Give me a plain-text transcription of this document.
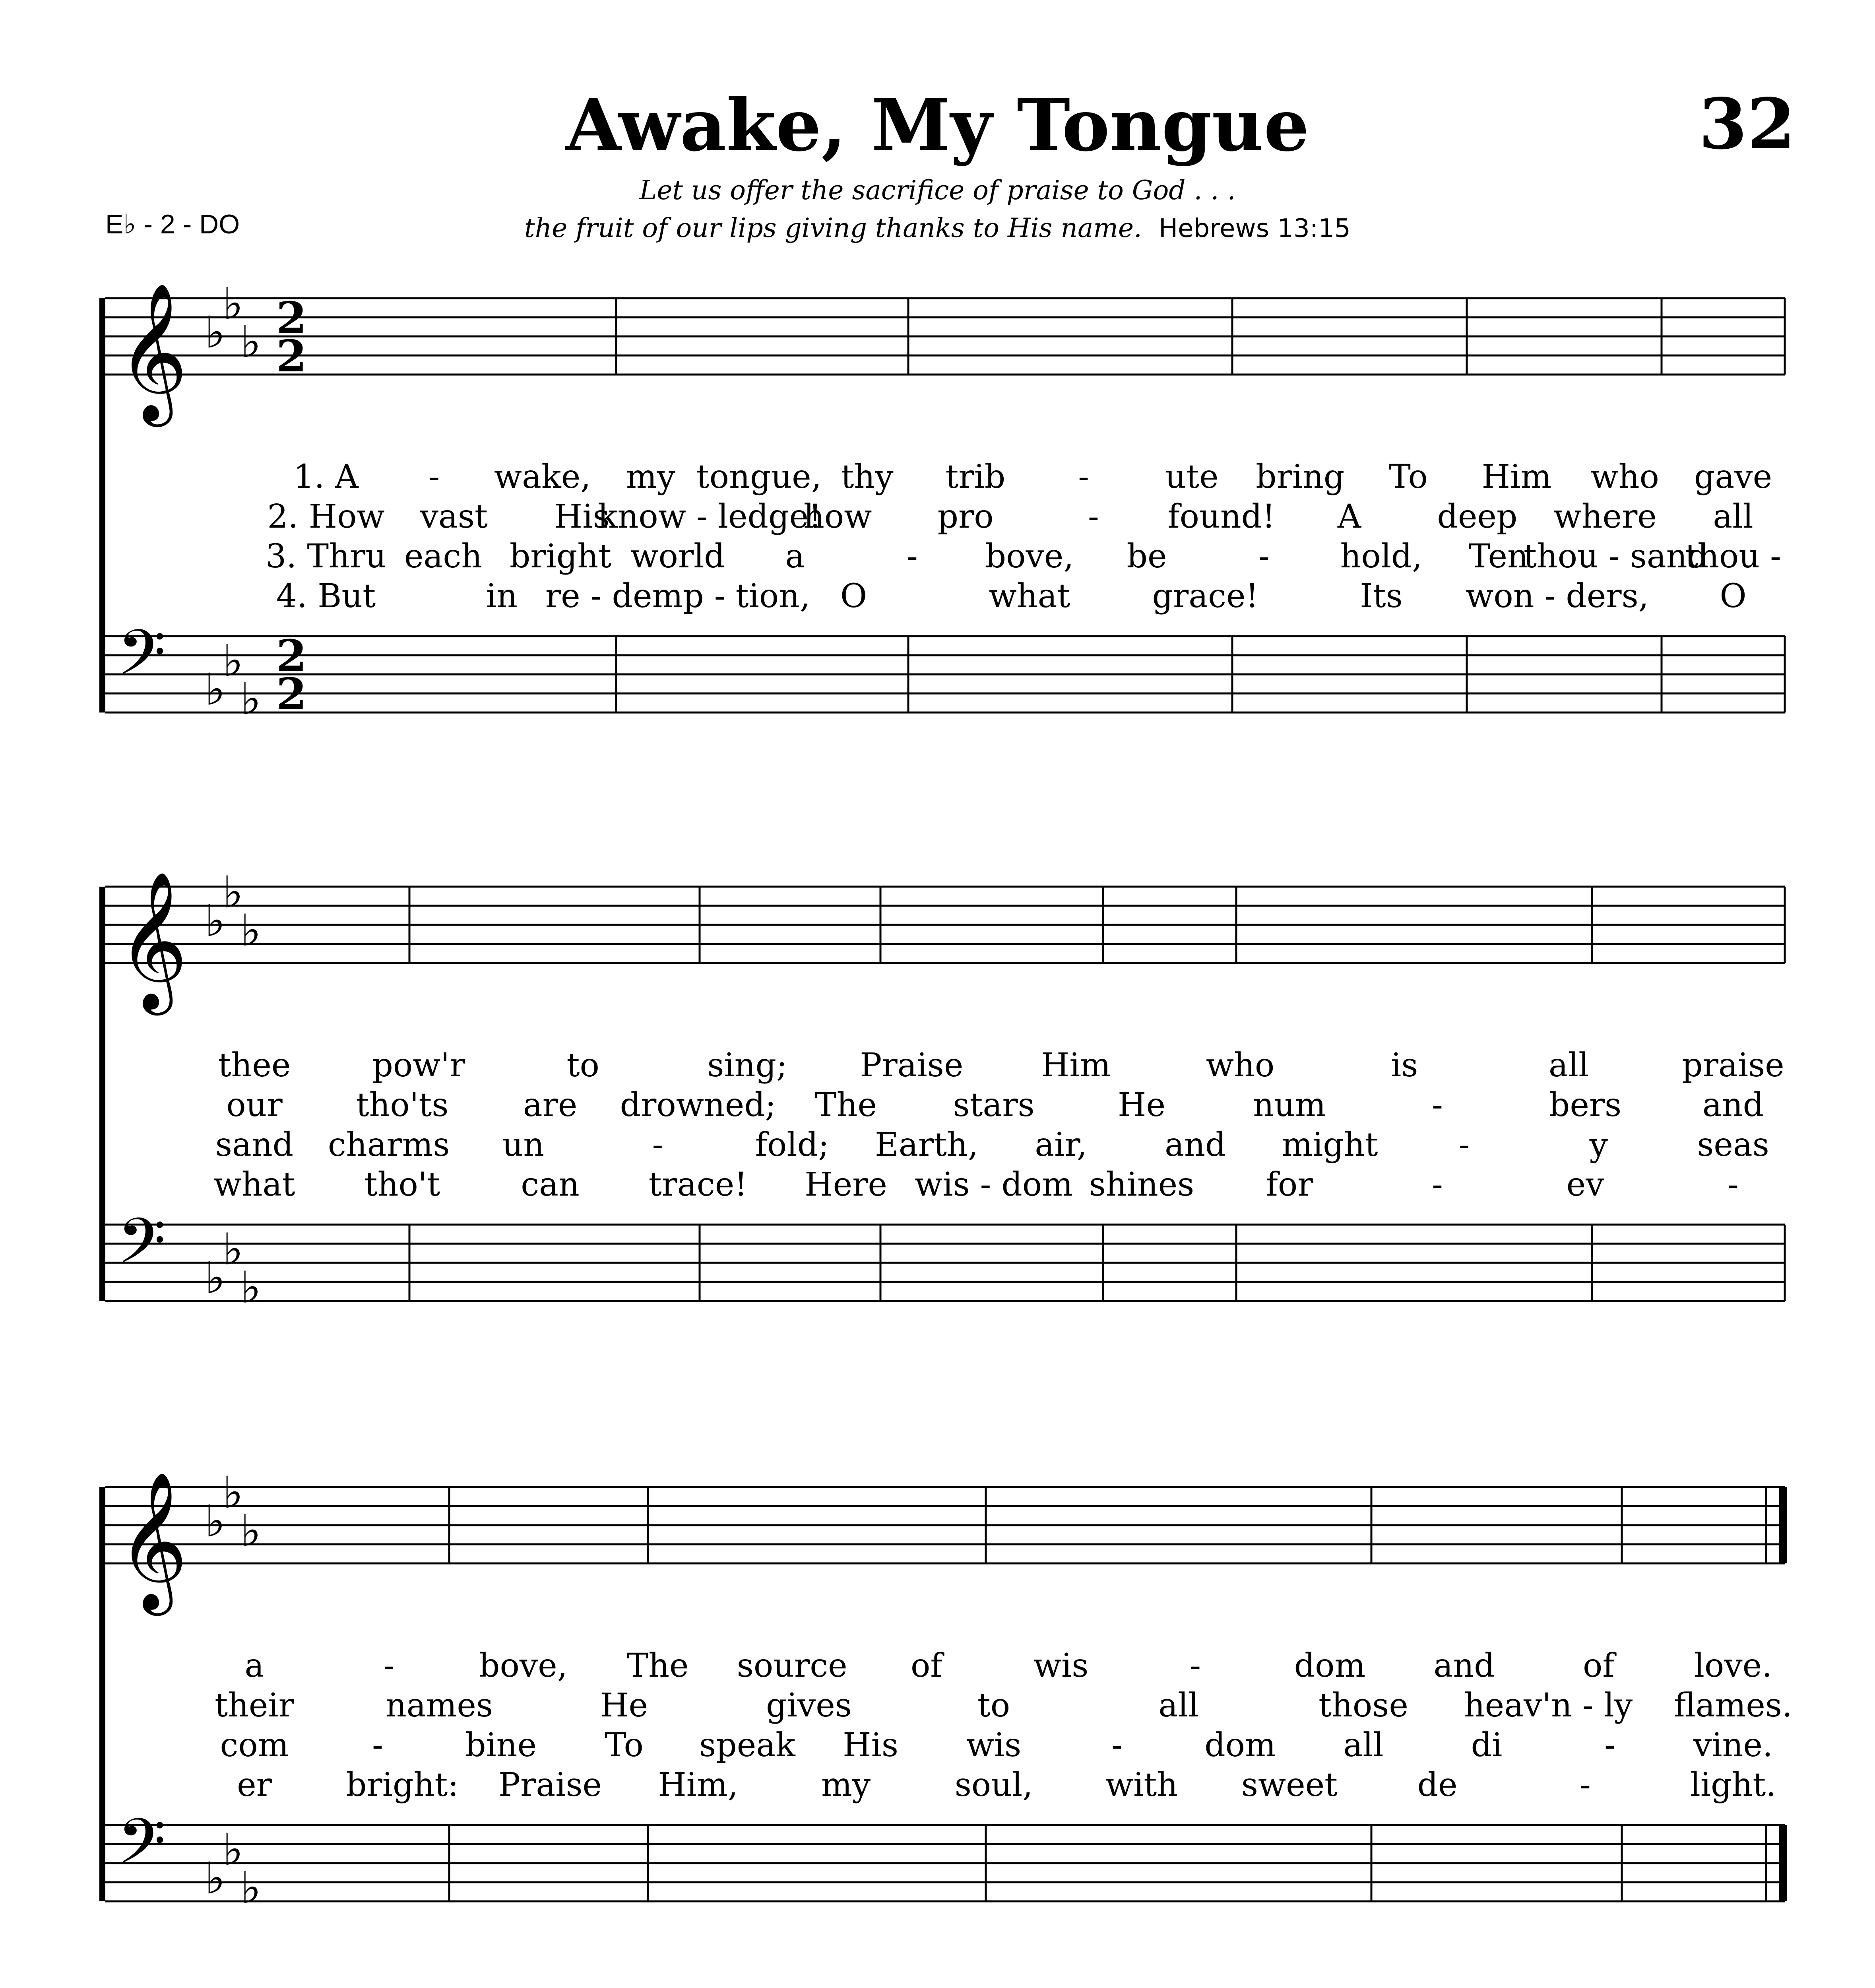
Awake, My Tongue	32
Let us offer the sacrifice of praise to God . . .
the fruit of our lips giving thanks to His name. Hebrews 13:15
E♭ - 2 - DO
𝄞 ♭
♭
♭
𝄢 ♭
♭
♭
2
2
2
2
1. A - wake, my tongue, thy trib - ute bring To Him who gave
2. How vast His
know - ledge!
how pro	- found! A deep where all
3. Thru each bright world a	- bove, be	- hold, Ten
thou - sand
thou -
4. But	in re - demp - tion, O	what	grace!	Its won - ders, O
𝄞 ♭
♭
♭
𝄢 ♭
♭
♭
thee	pow'r	to	sing; Praise Him	who	is	all	praise
our tho'ts are drowned; The stars	He	num	-	bers and
sand charms un	-	fold; Earth, air, and might -	y	seas
what tho't can trace! Here wis - dom shines for	-	ev	-
𝄞 ♭
♭
♭
𝄢 ♭
♭
♭
a	-	bove, The source of	wis	-	dom and	of love.
their	names	He	gives	to	all	those heav'n - ly flames.
com	-	bine To speak His wis	-	dom all	di	- vine.
er bright: Praise Him,	my	soul, with sweet de	-	light.
